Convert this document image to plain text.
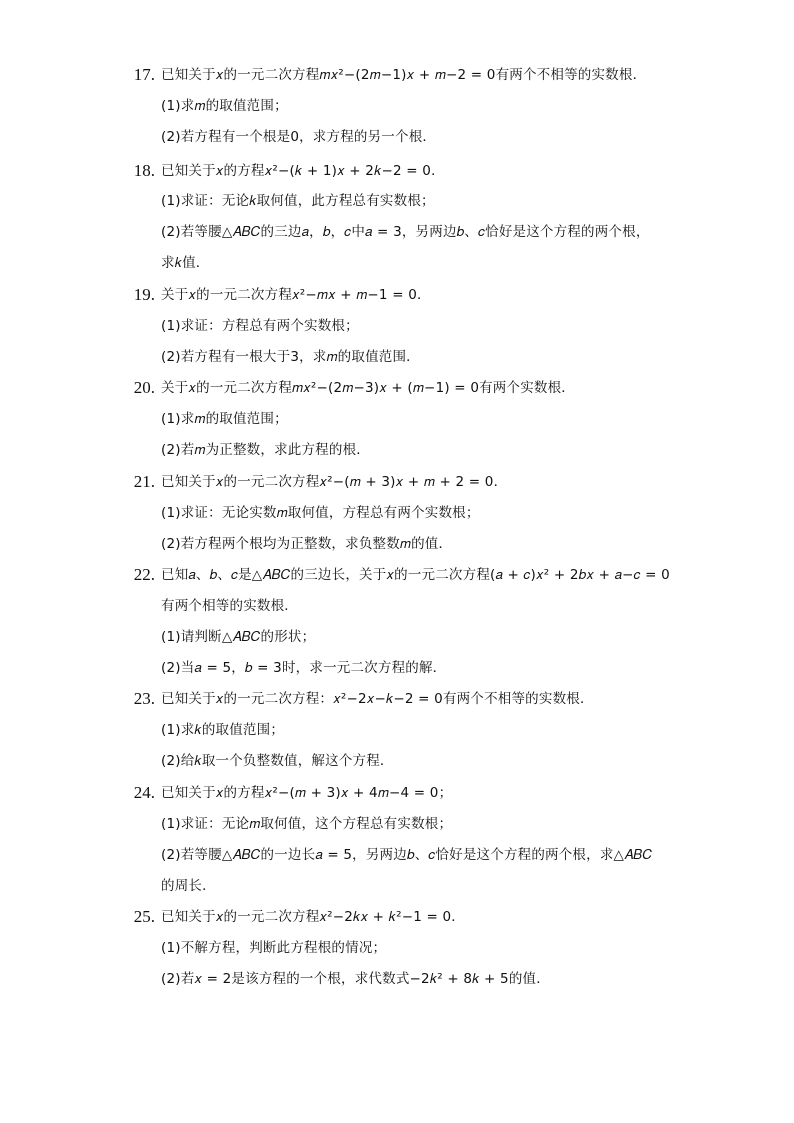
17. 已知关于𝑥的一元二次方程𝑚𝑥²−(2𝑚−1)𝑥 + 𝑚−2 = 0有两个不相等的实数根．
(1)求𝑚的取值范围；
(2)若方程有一个根是0，求方程的另一个根．
18. 已知关于𝑥的方程𝑥²−(𝑘 + 1)𝑥 + 2𝑘−2 = 0．
(1)求证：无论𝑘取何值，此方程总有实数根；
(2)若等腰△𝐴𝐵𝐶的三边𝑎，𝑏，𝑐中𝑎 = 3，另两边𝑏、𝑐恰好是这个方程的两个根，
求𝑘值．
19. 关于𝑥的一元二次方程𝑥²−𝑚𝑥 + 𝑚−1 = 0．
(1)求证：方程总有两个实数根；
(2)若方程有一根大于3，求𝑚的取值范围．
20. 关于𝑥的一元二次方程𝑚𝑥²−(2𝑚−3)𝑥 + (𝑚−1) = 0有两个实数根．
(1)求𝑚的取值范围；
(2)若𝑚为正整数，求此方程的根．
21. 已知关于𝑥的一元二次方程𝑥²−(𝑚 + 3)𝑥 + 𝑚 + 2 = 0．
(1)求证：无论实数𝑚取何值，方程总有两个实数根；
(2)若方程两个根均为正整数，求负整数𝑚的值．
22. 已知𝑎、𝑏、𝑐是△𝐴𝐵𝐶的三边长，关于𝑥的一元二次方程(𝑎 + 𝑐)𝑥² + 2𝑏𝑥 + 𝑎−𝑐 = 0
有两个相等的实数根．
(1)请判断△𝐴𝐵𝐶的形状；
(2)当𝑎 = 5，𝑏 = 3时，求一元二次方程的解．
23. 已知关于𝑥的一元二次方程：𝑥²−2𝑥−𝑘−2 = 0有两个不相等的实数根．
(1)求𝑘的取值范围；
(2)给𝑘取一个负整数值，解这个方程．
24. 已知关于𝑥的方程𝑥²−(𝑚 + 3)𝑥 + 4𝑚−4 = 0；
(1)求证：无论𝑚取何值，这个方程总有实数根；
(2)若等腰△𝐴𝐵𝐶的一边长𝑎 = 5，另两边𝑏、𝑐恰好是这个方程的两个根，求△𝐴𝐵𝐶
的周长．
25. 已知关于𝑥的一元二次方程𝑥²−2𝑘𝑥 + 𝑘²−1 = 0．
(1)不解方程，判断此方程根的情况；
(2)若𝑥 = 2是该方程的一个根，求代数式−2𝑘² + 8𝑘 + 5的值．
